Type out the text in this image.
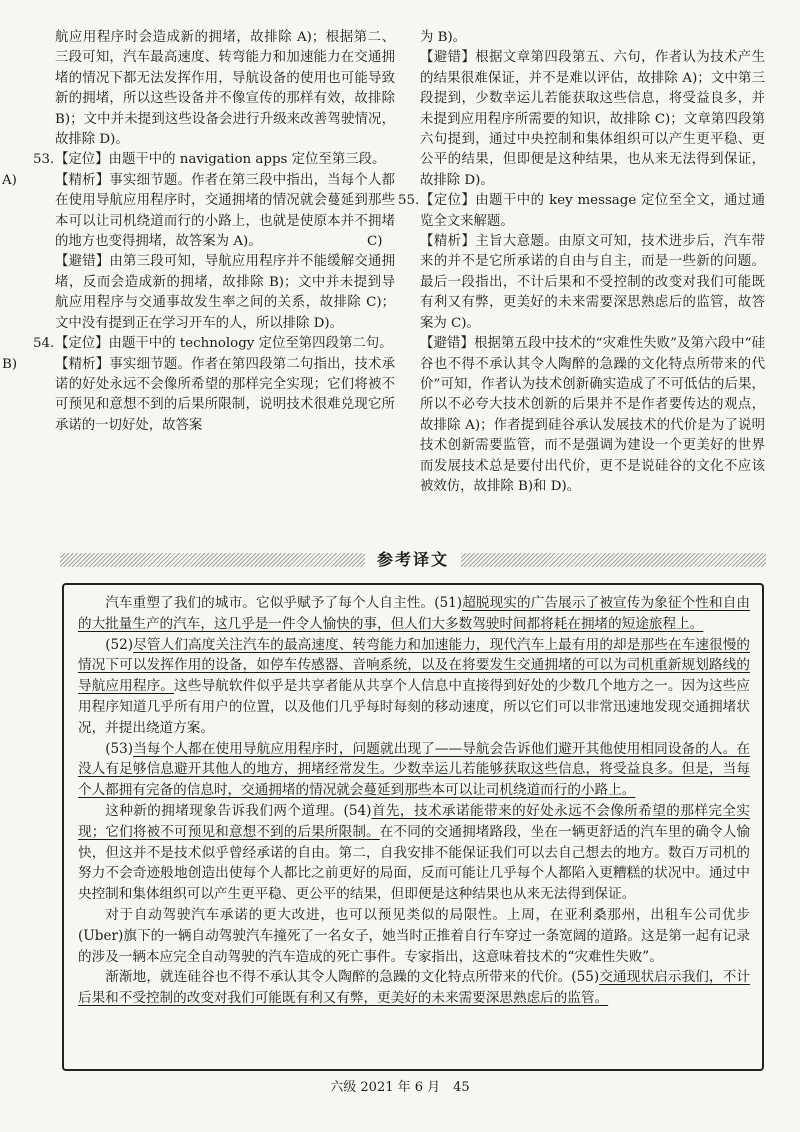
航应用程序时会造成新的拥堵，故排除 A)；根据第二、三段可知，汽车最高速度、转弯能力和加速能力在交通拥堵的情况下都无法发挥作用，导航设备的使用也可能导致新的拥堵，所以这些设备并不像宣传的那样有效，故排除 B)；文中并未提到这些设备会进行升级来改善驾驶情况，故排除 D)。

53. 【定位】由题干中的 navigation apps 定位至第三段。

A)	【精析】事实细节题。作者在第三段中指出，当每个人都在使用导航应用程序时，交通拥堵的情况就会蔓延到那些本可以让司机绕道而行的小路上，也就是使原本并不拥堵的地方也变得拥堵，故答案为 A)。

【避错】由第三段可知，导航应用程序并不能缓解交通拥堵，反而会造成新的拥堵，故排除 B)；文中并未提到导航应用程序与交通事故发生率之间的关系，故排除 C)；文中没有提到正在学习开车的人，所以排除 D)。

54. 【定位】由题干中的 technology 定位至第四段第二句。

B)	【精析】事实细节题。作者在第四段第二句指出，技术承诺的好处永远不会像所希望的那样完全实现；它们将被不可预见和意想不到的后果所限制，说明技术很难兑现它所承诺的一切好处，故答案

为 B)。

【避错】根据文章第四段第五、六句，作者认为技术产生的结果很难保证，并不是难以评估，故排除 A)；文中第三段提到，少数幸运儿若能获取这些信息，将受益良多，并未提到应用程序所需要的知识，故排除 C)；文章第四段第六句提到，通过中央控制和集体组织可以产生更平稳、更公平的结果，但即便是这种结果，也从来无法得到保证，故排除 D)。

55. 【定位】由题干中的 key message 定位至全文，通过通览全文来解题。

C)	【精析】主旨大意题。由原文可知，技术进步后，汽车带来的并不是它所承诺的自由与自主，而是一些新的问题。最后一段指出，不计后果和不受控制的改变对我们可能既有利又有弊，更美好的未来需要深思熟虑后的监管，故答案为 C)。

【避错】根据第五段中技术的“灾难性失败”及第六段中“硅谷也不得不承认其令人陶醉的急躁的文化特点所带来的代价”可知，作者认为技术创新确实造成了不可低估的后果，所以不必夸大技术创新的后果并不是作者要传达的观点，故排除 A)；作者提到硅谷承认发展技术的代价是为了说明技术创新需要监管，而不是强调为建设一个更美好的世界而发展技术总是要付出代价，更不是说硅谷的文化不应该被效仿，故排除 B)和 D)。

参考译文

汽车重塑了我们的城市。它似乎赋予了每个人自主性。(51)超脱现实的广告展示了被宣传为象征个性和自由的大批量生产的汽车，这几乎是一件令人愉快的事，但人们大多数驾驶时间都将耗在拥堵的短途旅程上。

(52)尽管人们高度关注汽车的最高速度、转弯能力和加速能力，现代汽车上最有用的却是那些在车速很慢的情况下可以发挥作用的设备，如停车传感器、音响系统，以及在将要发生交通拥堵的可以为司机重新规划路线的导航应用程序。这些导航软件似乎是共享者能从共享个人信息中直接得到好处的少数几个地方之一。因为这些应用程序知道几乎所有用户的位置，以及他们几乎每时每刻的移动速度，所以它们可以非常迅速地发现交通拥堵状况，并提出绕道方案。

(53)当每个人都在使用导航应用程序时，问题就出现了——导航会告诉他们避开其他使用相同设备的人。在没人有足够信息避开其他人的地方，拥堵经常发生。少数幸运儿若能够获取这些信息，将受益良多。但是，当每个人都拥有完备的信息时，交通拥堵的情况就会蔓延到那些本可以让司机绕道而行的小路上。

这种新的拥堵现象告诉我们两个道理。(54)首先，技术承诺能带来的好处永远不会像所希望的那样完全实现；它们将被不可预见和意想不到的后果所限制。在不同的交通拥堵路段，坐在一辆更舒适的汽车里的确令人愉快，但这并不是技术似乎曾经承诺的自由。第二，自我安排不能保证我们可以去自己想去的地方。数百万司机的努力不会奇迹般地创造出使每个人都比之前更好的局面，反而可能让几乎每个人都陷入更糟糕的状况中。通过中央控制和集体组织可以产生更平稳、更公平的结果，但即便是这种结果也从来无法得到保证。

对于自动驾驶汽车承诺的更大改进，也可以预见类似的局限性。上周，在亚利桑那州，出租车公司优步(Uber)旗下的一辆自动驾驶汽车撞死了一名女子，她当时正推着自行车穿过一条宽阔的道路。这是第一起有记录的涉及一辆本应完全自动驾驶的汽车造成的死亡事件。专家指出，这意味着技术的“灾难性失败”。

渐渐地，就连硅谷也不得不承认其令人陶醉的急躁的文化特点所带来的代价。(55)交通现状启示我们，不计后果和不受控制的改变对我们可能既有利又有弊，更美好的未来需要深思熟虑后的监管。

六级 2021 年 6 月　45
